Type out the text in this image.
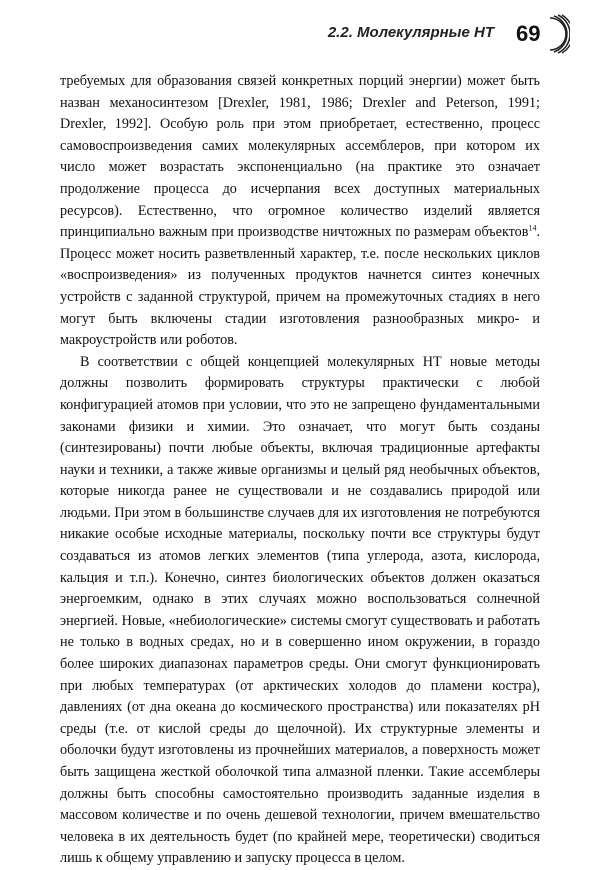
2.2. Молекулярные НТ 69

требуемых для образования связей конкретных порций энергии) может быть назван механосинтезом [Drexler, 1981, 1986; Drexler and Peterson, 1991; Drexler, 1992]. Особую роль при этом приобретает, естественно, процесс самовоспроизведения самих молекулярных ассемблеров, при котором их число может возрастать экспоненциально (на практике это означает продолжение процесса до исчерпания всех доступных материальных ресурсов). Естественно, что огромное количество изделий является принципиально важным при производстве ничтожных по размерам объектов$^{14}$. Процесс может носить разветвленный характер, т.е. после нескольких циклов «воспроизведения» из полученных продуктов начнется синтез конечных устройств с заданной структурой, причем на промежуточных стадиях в него могут быть включены стадии изготовления разнообразных микро- и макроустройств или роботов.

В соответствии с общей концепцией молекулярных НТ новые методы должны позволить формировать структуры практически с любой конфигурацией атомов при условии, что это не запрещено фундаментальными законами физики и химии. Это означает, что могут быть созданы (синтезированы) почти любые объекты, включая традиционные артефакты науки и техники, а также живые организмы и целый ряд необычных объектов, которые никогда ранее не существовали и не создавались природой или людьми. При этом в большинстве случаев для их изготовления не потребуются никакие особые исходные материалы, поскольку почти все структуры будут создаваться из атомов легких элементов (типа углерода, азота, кислорода, кальция и т.п.). Конечно, синтез биологических объектов должен оказаться энергоемким, однако в этих случаях можно воспользоваться солнечной энергией. Новые, «небиологические» системы смогут существовать и работать не только в водных средах, но и в совершенно ином окружении, в гораздо более широких диапазонах параметров среды. Они смогут функционировать при любых температурах (от арктических холодов до пламени костра), давлениях (от дна океана до космического пространства) или показателях pH среды (т.е. от кислой среды до щелочной). Их структурные элементы и оболочки будут изготовлены из прочнейших материалов, а поверхность может быть защищена жесткой оболочкой типа алмазной пленки. Такие ассемблеры должны быть способны самостоятельно производить заданные изделия в массовом количестве и по очень дешевой технологии, причем вмешательство человека в их деятельность будет (по крайней мере, теоретически) сводиться лишь к общему управлению и запуску процесса в целом.
